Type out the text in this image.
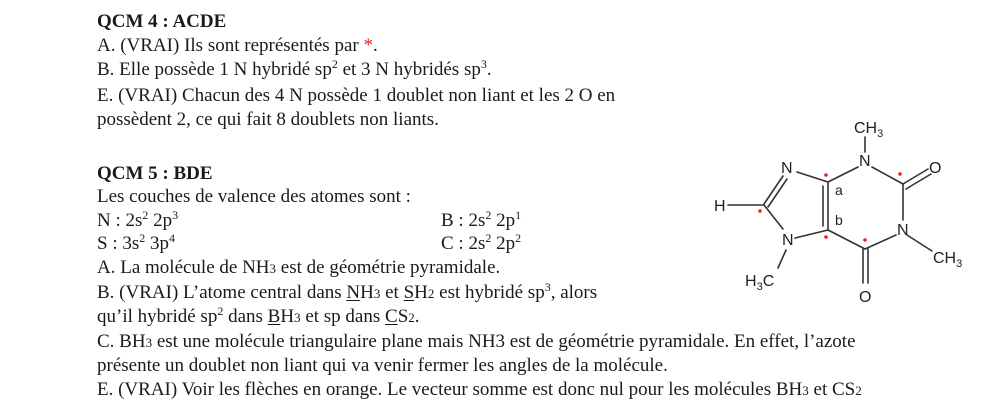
QCM 4 : ACDE
A. (VRAI) Ils sont représentés par *.
B. Elle possède 1 N hybridé $sp^2$ et 3 N hybridés $sp^3$.
E. (VRAI) Chacun des 4 N possède 1 doublet non liant et les 2 O en
possèdent 2, ce qui fait 8 doublets non liants.
QCM 5 : BDE
Les couches de valence des atomes sont :
N : $2s^2$ $2p^3$	B : $2s^2$ $2p^1$
S : $3s^2$ $3p^4$	C : $2s^2$ $2p^2$
A. La molécule de NH3 est de géométrie pyramidale.
B. (VRAI) L’atome central dans NH3 et SH2 est hybridé $sp^3$, alors
qu’il hybridé $sp^2$ dans BH3 et sp dans CS2.
C. BH3 est une molécule triangulaire plane mais NH3 est de géométrie pyramidale. En effet, l’azote
présente un doublet non liant qui va venir fermer les angles de la molécule.
E. (VRAI) Voir les flèches en orange. Le vecteur somme est donc nul pour les molécules BH3 et CS2
$CH_3$
N	O
N
a
b
H
N
$CH_3$
N
$H_3C$
O
